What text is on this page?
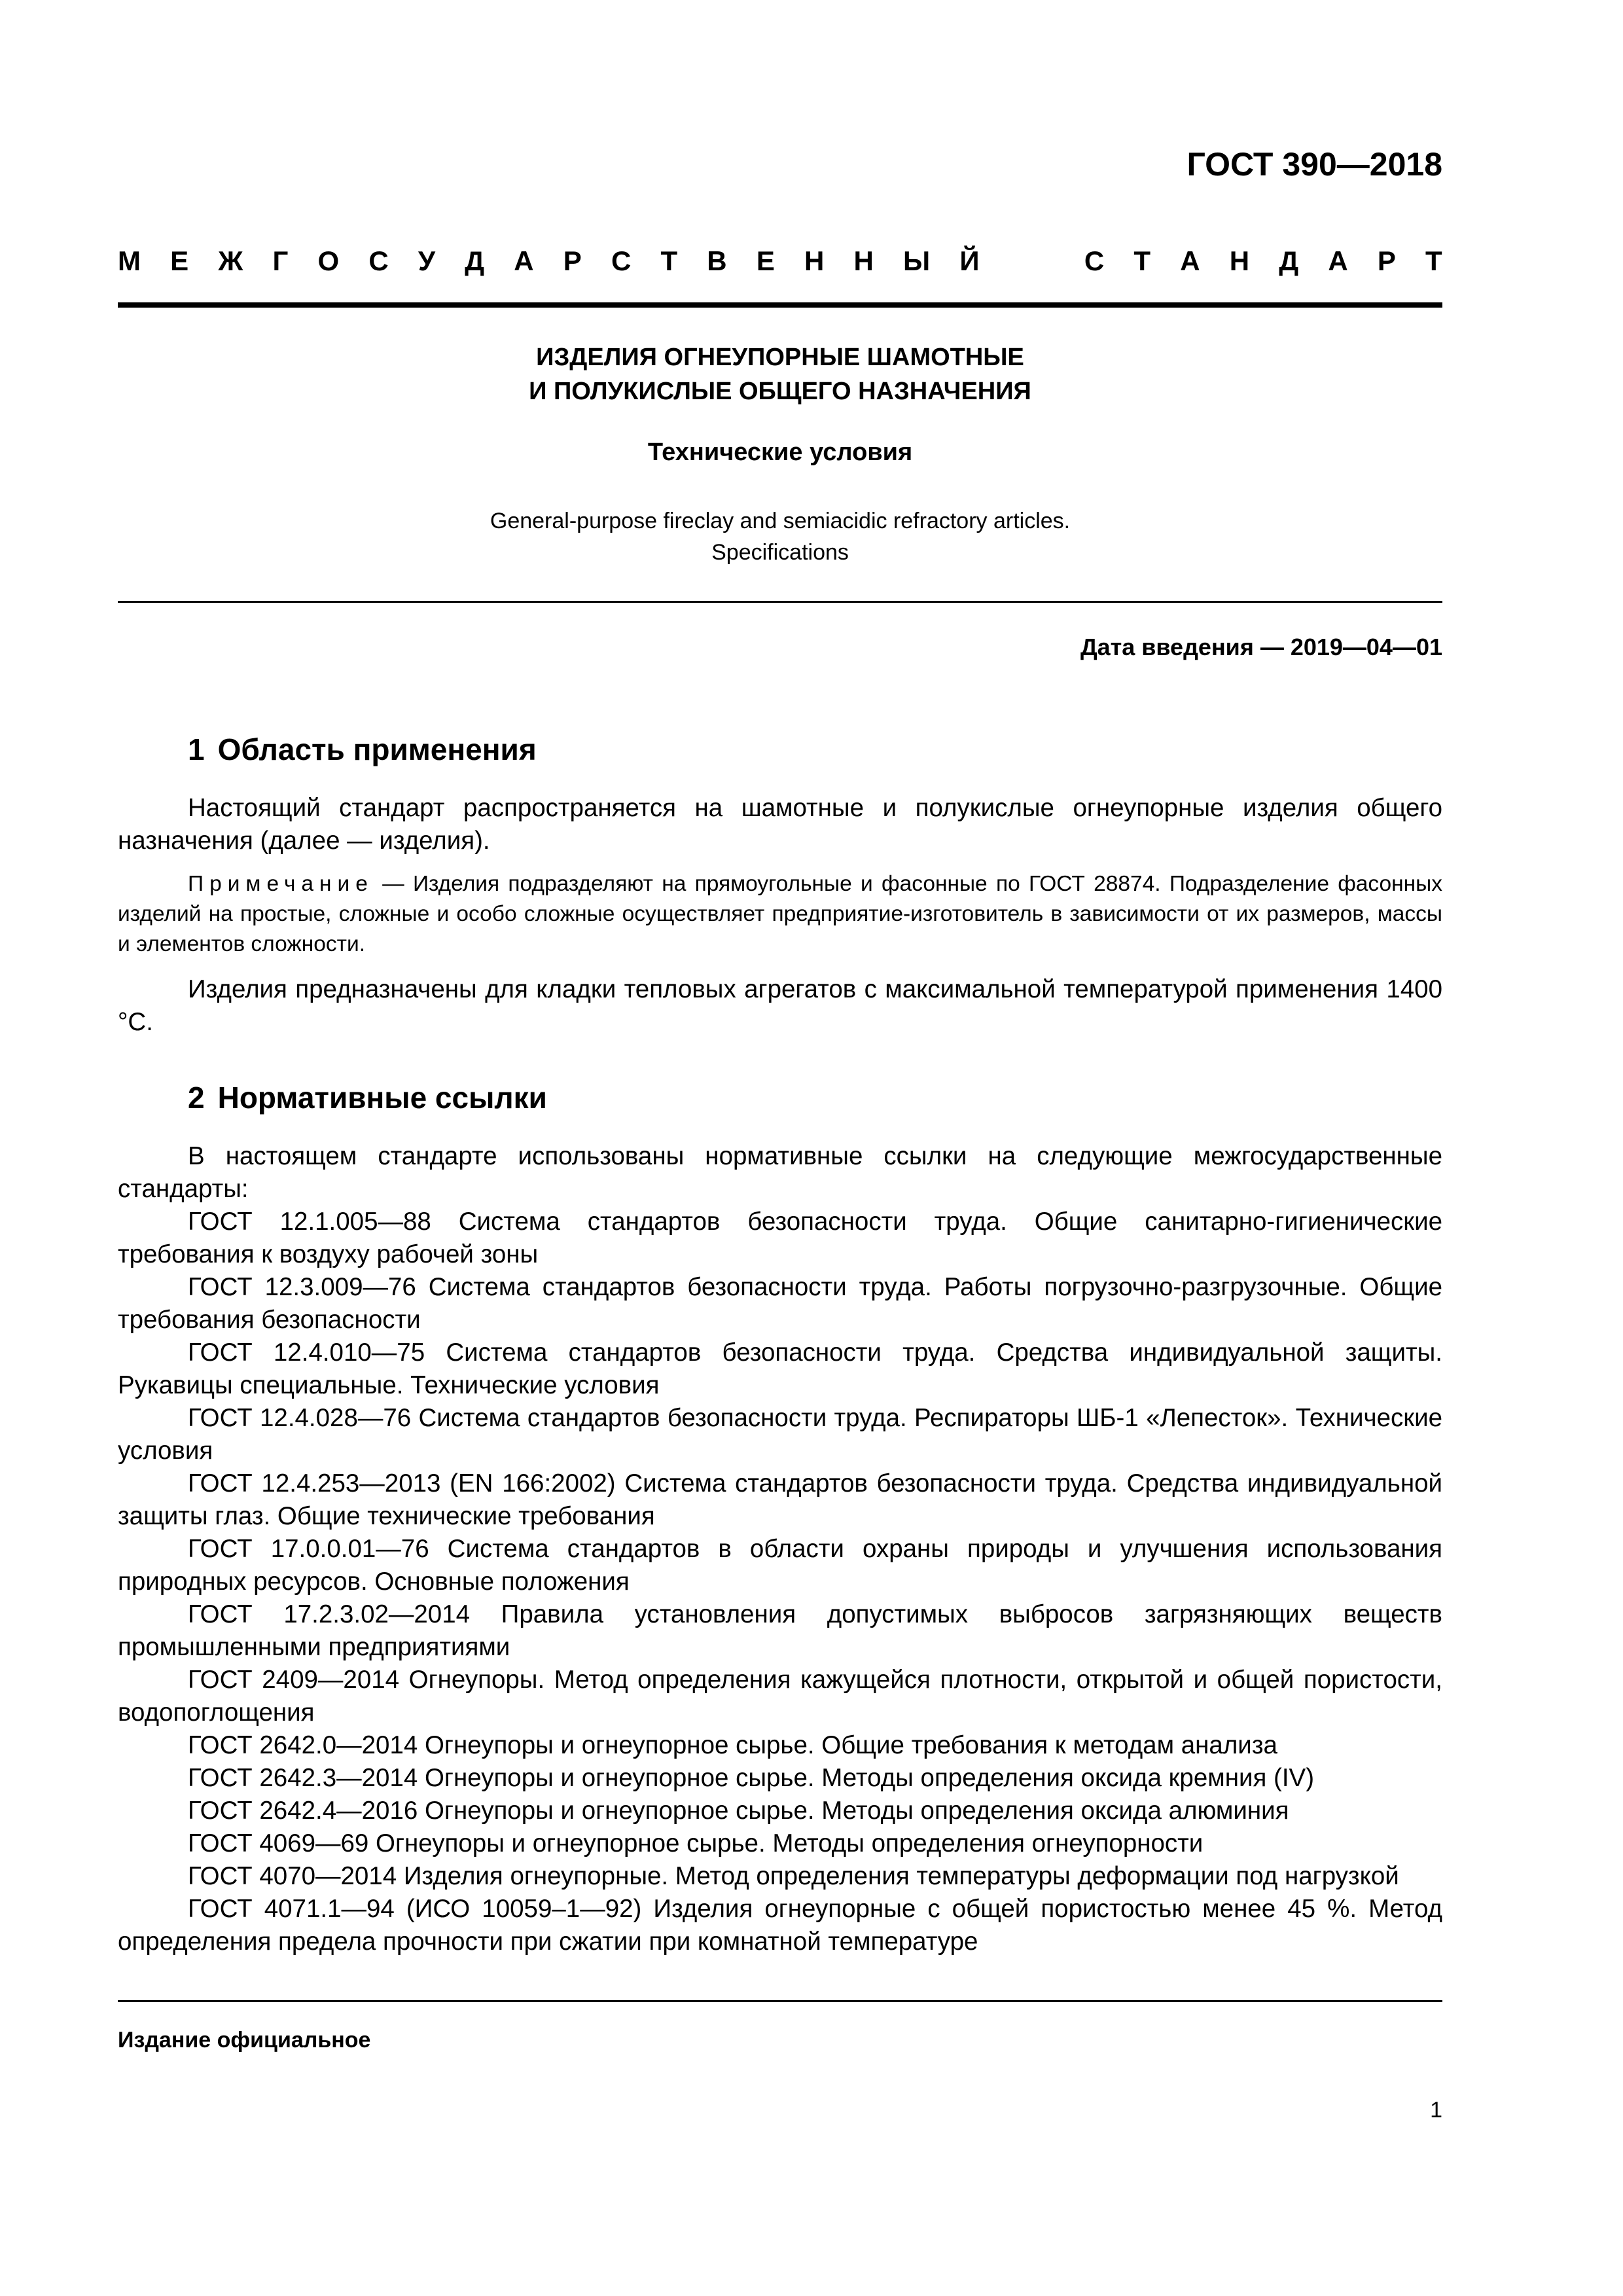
ГОСТ 390—2018
М Е Ж Г О С У Д А Р С Т В Е Н Н Ы Й	С Т А Н Д А Р Т
ИЗДЕЛИЯ ОГНЕУПОРНЫЕ ШАМОТНЫЕ
И ПОЛУКИСЛЫЕ ОБЩЕГО НАЗНАЧЕНИЯ
Технические условия
General-purpose fireclay and semiacidic refractory articles.
Specifications
Дата введения — 2019—04—01
1 Область применения
Настоящий стандарт распространяется на шамотные и полукислые огнеупорные изделия общего назначения (далее — изделия).
Примечание — Изделия подразделяют на прямоугольные и фасонные по ГОСТ 28874. Подразделение фасонных изделий на простые, сложные и особо сложные осуществляет предприятие-изготовитель в зависимости от их размеров, массы и элементов сложности.
Изделия предназначены для кладки тепловых агрегатов с максимальной температурой применения 1400 °С.
2 Нормативные ссылки
В настоящем стандарте использованы нормативные ссылки на следующие межгосударственные стандарты:
ГОСТ 12.1.005—88 Система стандартов безопасности труда. Общие санитарно-гигиенические требования к воздуху рабочей зоны
ГОСТ 12.3.009—76 Система стандартов безопасности труда. Работы погрузочно-разгрузочные. Общие требования безопасности
ГОСТ 12.4.010—75 Система стандартов безопасности труда. Средства индивидуальной защиты. Рукавицы специальные. Технические условия
ГОСТ 12.4.028—76 Система стандартов безопасности труда. Респираторы ШБ-1 «Лепесток». Технические условия
ГОСТ 12.4.253—2013 (EN 166:2002) Система стандартов безопасности труда. Средства индивидуальной защиты глаз. Общие технические требования
ГОСТ 17.0.0.01—76 Система стандартов в области охраны природы и улучшения использования природных ресурсов. Основные положения
ГОСТ 17.2.3.02—2014 Правила установления допустимых выбросов загрязняющих веществ промышленными предприятиями
ГОСТ 2409—2014 Огнеупоры. Метод определения кажущейся плотности, открытой и общей пористости, водопоглощения
ГОСТ 2642.0—2014 Огнеупоры и огнеупорное сырье. Общие требования к методам анализа
ГОСТ 2642.3—2014 Огнеупоры и огнеупорное сырье. Методы определения оксида кремния (IV)
ГОСТ 2642.4—2016 Огнеупоры и огнеупорное сырье. Методы определения оксида алюминия
ГОСТ 4069—69 Огнеупоры и огнеупорное сырье. Методы определения огнеупорности
ГОСТ 4070—2014 Изделия огнеупорные. Метод определения температуры деформации под нагрузкой
ГОСТ 4071.1—94 (ИСО 10059–1—92) Изделия огнеупорные с общей пористостью менее 45 %. Метод определения предела прочности при сжатии при комнатной температуре
Издание официальное
1
